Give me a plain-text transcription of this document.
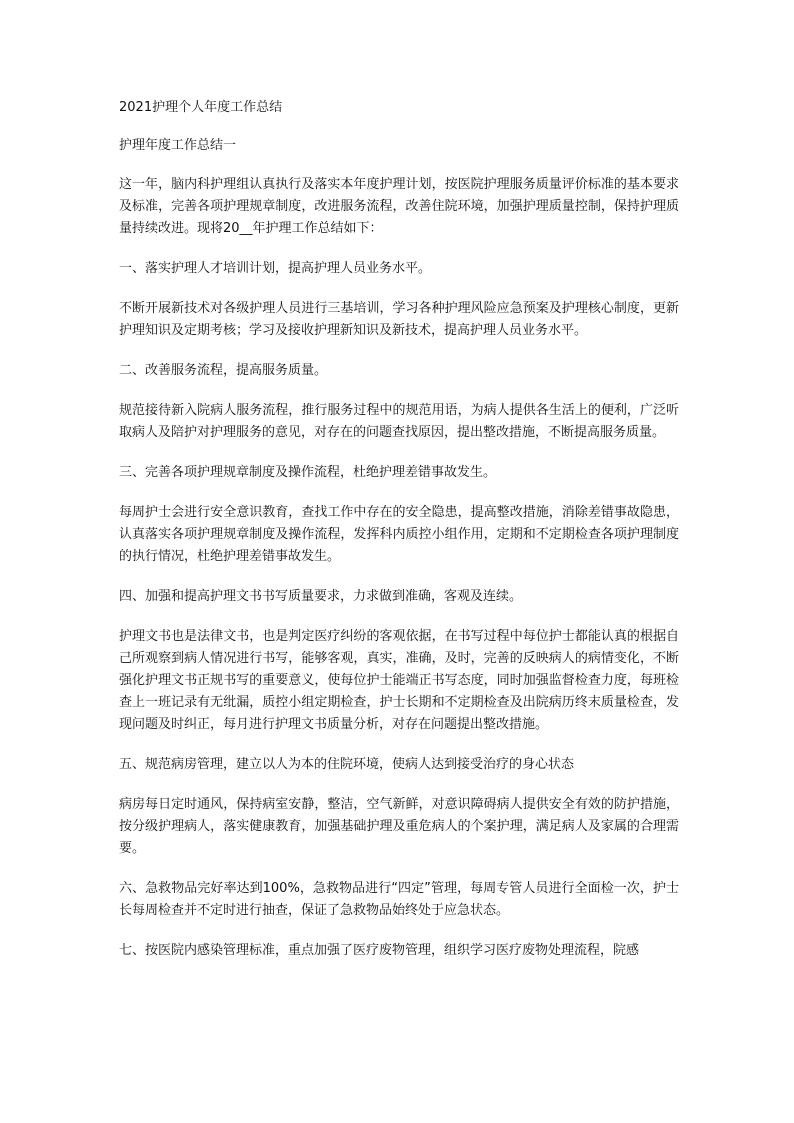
2021护理个人年度工作总结
护理年度工作总结一

这一年，脑内科护理组认真执行及落实本年度护理计划，按医院护理服务质量评价标准的基本要求及标准，完善各项护理规章制度，改进服务流程，改善住院环境，加强护理质量控制，保持护理质量持续改进。现将20__年护理工作总结如下：

一、落实护理人才培训计划，提高护理人员业务水平。

不断开展新技术对各级护理人员进行三基培训，学习各种护理风险应急预案及护理核心制度，更新护理知识及定期考核；学习及接收护理新知识及新技术，提高护理人员业务水平。

二、改善服务流程，提高服务质量。

规范接待新入院病人服务流程，推行服务过程中的规范用语，为病人提供各生活上的便利，广泛听取病人及陪护对护理服务的意见，对存在的问题查找原因，提出整改措施，不断提高服务质量。

三、完善各项护理规章制度及操作流程，杜绝护理差错事故发生。

每周护士会进行安全意识教育，查找工作中存在的安全隐患，提高整改措施，消除差错事故隐患，认真落实各项护理规章制度及操作流程，发挥科内质控小组作用，定期和不定期检查各项护理制度的执行情况，杜绝护理差错事故发生。

四、加强和提高护理文书书写质量要求，力求做到准确，客观及连续。

护理文书也是法律文书，也是判定医疗纠纷的客观依据，在书写过程中每位护士都能认真的根据自己所观察到病人情况进行书写，能够客观，真实，准确，及时，完善的反映病人的病情变化，不断强化护理文书正规书写的重要意义，使每位护士能端正书写态度，同时加强监督检查力度，每班检查上一班记录有无纰漏，质控小组定期检查，护士长期和不定期检查及出院病历终末质量检查，发现问题及时纠正，每月进行护理文书质量分析，对存在问题提出整改措施。

五、规范病房管理，建立以人为本的住院环境，使病人达到接受治疗的身心状态

病房每日定时通风，保持病室安静，整洁，空气新鲜，对意识障碍病人提供安全有效的防护措施，按分级护理病人，落实健康教育，加强基础护理及重危病人的个案护理，满足病人及家属的合理需要。

六、急救物品完好率达到100%，急救物品进行“四定”管理，每周专管人员进行全面检一次，护士长每周检查并不定时进行抽查，保证了急救物品始终处于应急状态。

七、按医院内感染管理标准，重点加强了医疗废物管理，组织学习医疗废物处理流程，院感
